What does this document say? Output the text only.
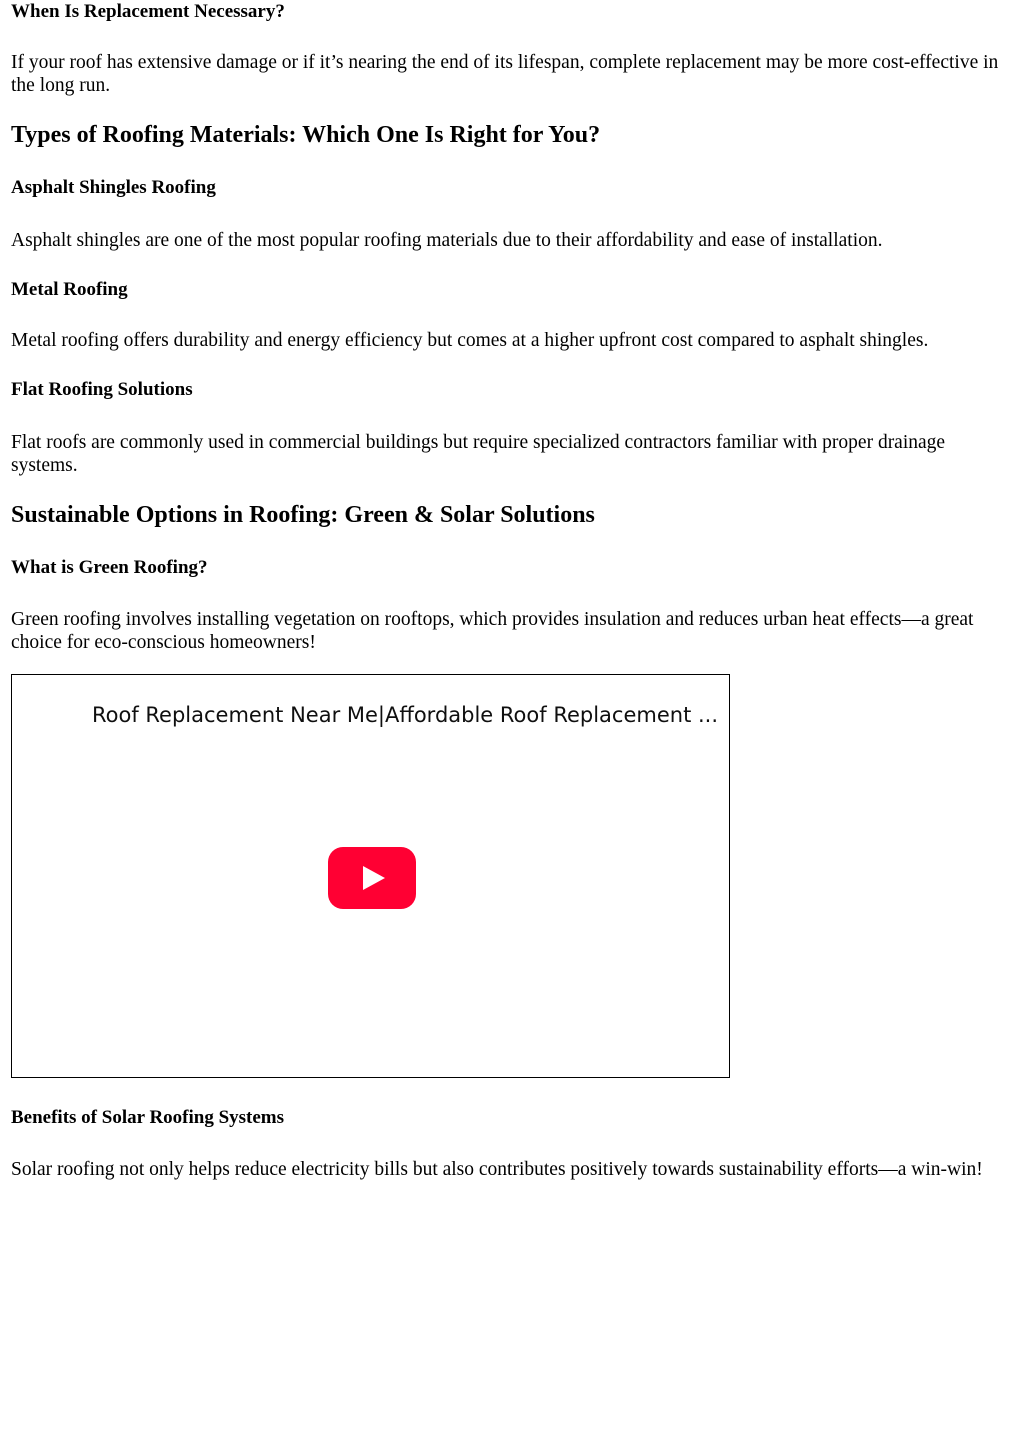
When Is Replacement Necessary?

If your roof has extensive damage or if it’s nearing the end of its lifespan, complete replacement may be more cost-effective in the long run.

Types of Roofing Materials: Which One Is Right for You?
Asphalt Shingles Roofing

Asphalt shingles are one of the most popular roofing materials due to their affordability and ease of installation.

Metal Roofing

Metal roofing offers durability and energy efficiency but comes at a higher upfront cost compared to asphalt shingles.

Flat Roofing Solutions

Flat roofs are commonly used in commercial buildings but require specialized contractors familiar with proper drainage systems.

Sustainable Options in Roofing: Green & Solar Solutions
What is Green Roofing?

Green roofing involves installing vegetation on rooftops, which provides insulation and reduces urban heat effects—a great choice for eco-conscious homeowners!

Roof Replacement Near Me|Affordable Roof Replacement ...
Benefits of Solar Roofing Systems

Solar roofing not only helps reduce electricity bills but also contributes positively towards sustainability efforts—a win-win!
